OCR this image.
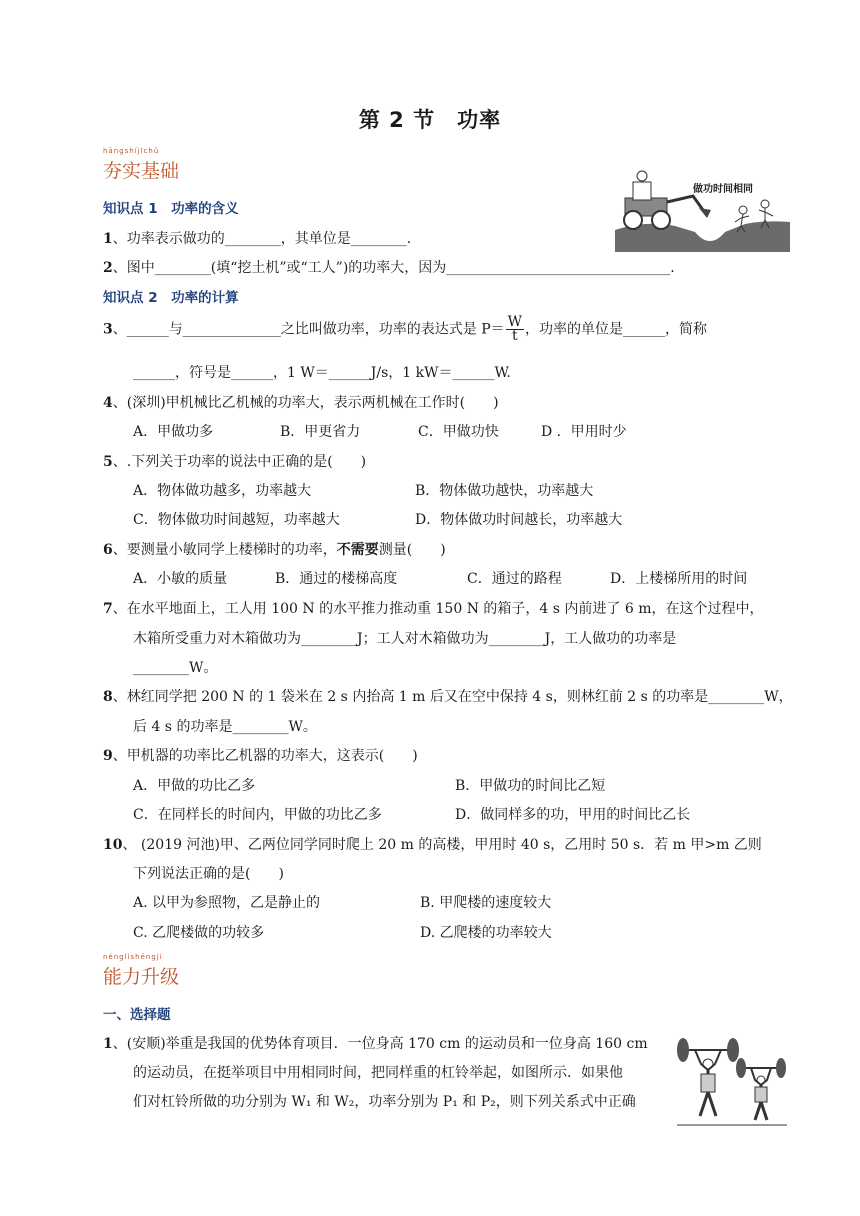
第 2 节　功率
hāngshíjīchǔ
夯实基础
做功时间相同
知识点 1　功率的含义
1、功率表示做功的________，其单位是________.
2、图中________(填“挖土机”或“工人”)的功率大，因为________________________________.
知识点 2　功率的计算
3、______与______________之比叫做功率，功率的表达式是 $P= \frac{W}{t}$ ，功率的单位是______，简称
______，符号是______，1 W＝______J/s，1 kW＝______W.
4、(深圳)甲机械比乙机械的功率大，表示两机械在工作时(　　)
A．甲做功多	B．甲更省力	C．甲做功快	D ．甲用时少
5、.下列关于功率的说法中正确的是(　　)
A．物体做功越多，功率越大	B．物体做功越快，功率越大
C．物体做功时间越短，功率越大	D．物体做功时间越长，功率越大
6、要测量小敏同学上楼梯时的功率，不需要测量(　　)
A．小敏的质量	B．通过的楼梯高度	C．通过的路程	D．上楼梯所用的时间
7、在水平地面上，工人用 100 N 的水平推力推动重 150 N 的箱子，4 s 内前进了 6 m，在这个过程中，
木箱所受重力对木箱做功为________J；工人对木箱做功为________J，工人做功的功率是
________W。
8、林红同学把 200 N 的 1 袋米在 2 s 内抬高 1 m 后又在空中保持 4 s，则林红前 2 s 的功率是________W，
后 4 s 的功率是________W。
9、甲机器的功率比乙机器的功率大，这表示(　　)
A．甲做的功比乙多	B．甲做功的时间比乙短
C．在同样长的时间内，甲做的功比乙多	D．做同样多的功，甲用的时间比乙长
10、 (2019 河池)甲、乙两位同学同时爬上 20 m 的高楼，甲用时 40 s，乙用时 50 s．若 m 甲>m 乙则
下列说法正确的是(　　)
A. 以甲为参照物，乙是静止的	B. 甲爬楼的速度较大
C. 乙爬楼做的功较多	D. 乙爬楼的功率较大
nénglìshēngjí
能力升级
一、选择题
1、(安顺)举重是我国的优势体育项目．一位身高 170 cm 的运动员和一位身高 160 cm
的运动员，在挺举项目中用相同时间，把同样重的杠铃举起，如图所示．如果他
们对杠铃所做的功分别为 W₁ 和 W₂，功率分别为 P₁ 和 P₂，则下列关系式中正确
